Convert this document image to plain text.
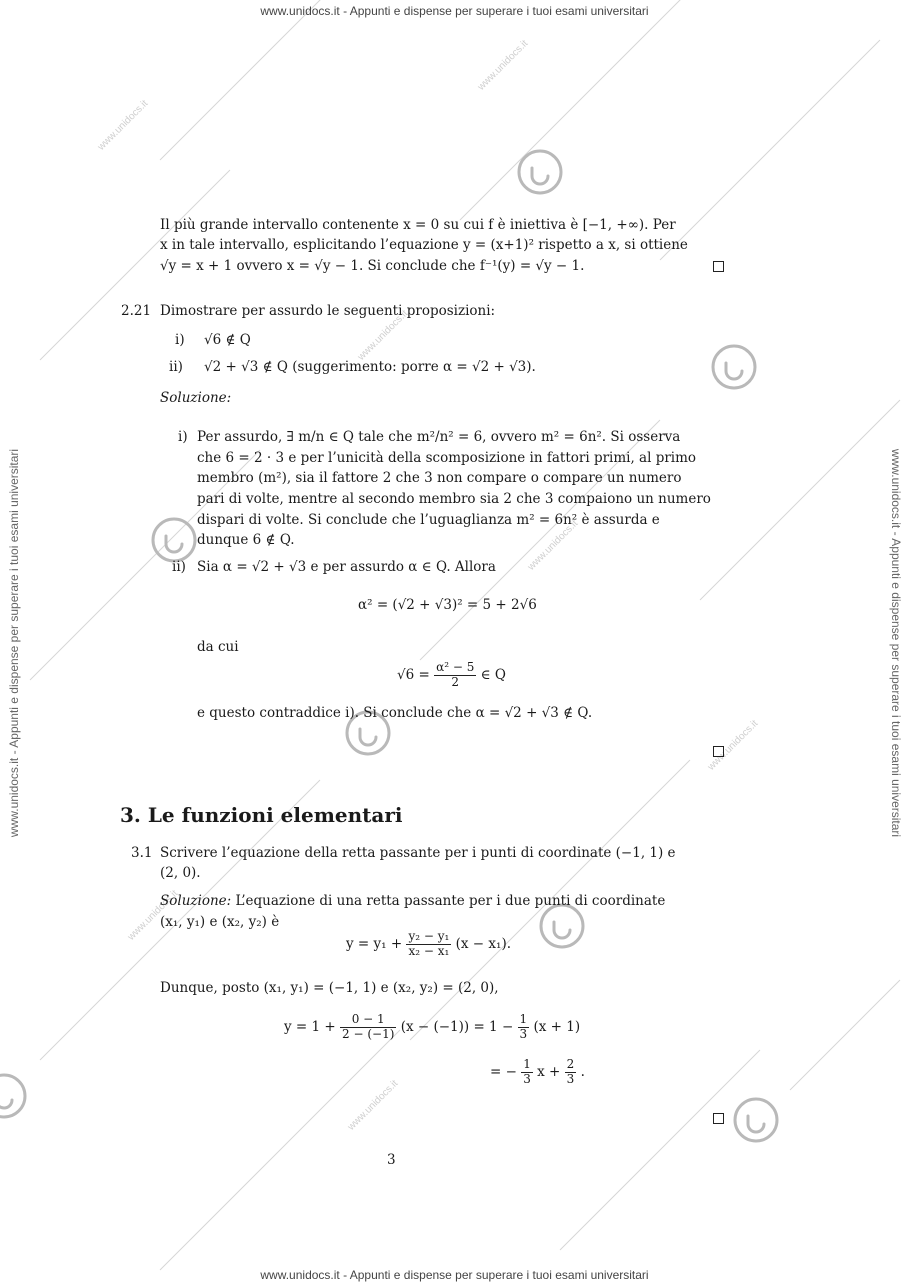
www.unidocs.it
www.unidocs.it
www.unidocs.it
www.unidocs.it
www.unidocs.it
www.unidocs.it
www.unidocs.it
www.unidocs.it - Appunti e dispense per superare i tuoi esami universitari
www.unidocs.it - Appunti e dispense per superare i tuoi esami universitari
www.unidocs.it - Appunti e dispense per superare i tuoi esami universitari	www.unidocs.it - Appunti e dispense per superare i tuoi esami universitari
Il più grande intervallo contenente x = 0 su cui f è iniettiva è [−1, +∞). Per
x in tale intervallo, esplicitando l’equazione y = (x+1)² rispetto a x, si ottiene
√y = x + 1 ovvero x = √y − 1. Si conclude che f⁻¹(y) = √y − 1.
2.21 Dimostrare per assurdo le seguenti proposizioni:
i) √6 ∉ Q
ii) √2 + √3 ∉ Q (suggerimento: porre α = √2 + √3).
Soluzione:
i) Per assurdo, ∃ m/n ∈ Q tale che m²/n² = 6, ovvero m² = 6n². Si osserva
che 6 = 2 · 3 e per l’unicità della scomposizione in fattori primi, al primo
membro (m²), sia il fattore 2 che 3 non compare o compare un numero
pari di volte, mentre al secondo membro sia 2 che 3 compaiono un numero
dispari di volte. Si conclude che l’uguaglianza m² = 6n² è assurda e
dunque 6 ∉ Q.
ii) Sia α = √2 + √3 e per assurdo α ∈ Q. Allora
α² = (√2 + √3)² = 5 + 2√6
da cui
$√6 = \frac{\text{α² − 5}}{2}$ ∈ Q
e questo contraddice i). Si conclude che α = √2 + √3 ∉ Q.
3. Le funzioni elementari
3.1 Scrivere l’equazione della retta passante per i punti di coordinate (−1, 1) e
(2, 0).
Soluzione: L’equazione di una retta passante per i due punti di coordinate
(x₁, y₁) e (x₂, y₂) è
$y = y_1 + \frac{\text{y₂ − y₁}}{\text{x₂ − x₁}} (x - x_1)$.
Dunque, posto (x₁, y₁) = (−1, 1) e (x₂, y₂) = (2, 0),
$y = 1 + \frac{0 - 1}{2 - (-1)} (x - (-1)) = 1 - \frac{1}{3} (x + 1)$
= − $\frac{1}{3}$ $x + \frac{2}{3}$ .
3
